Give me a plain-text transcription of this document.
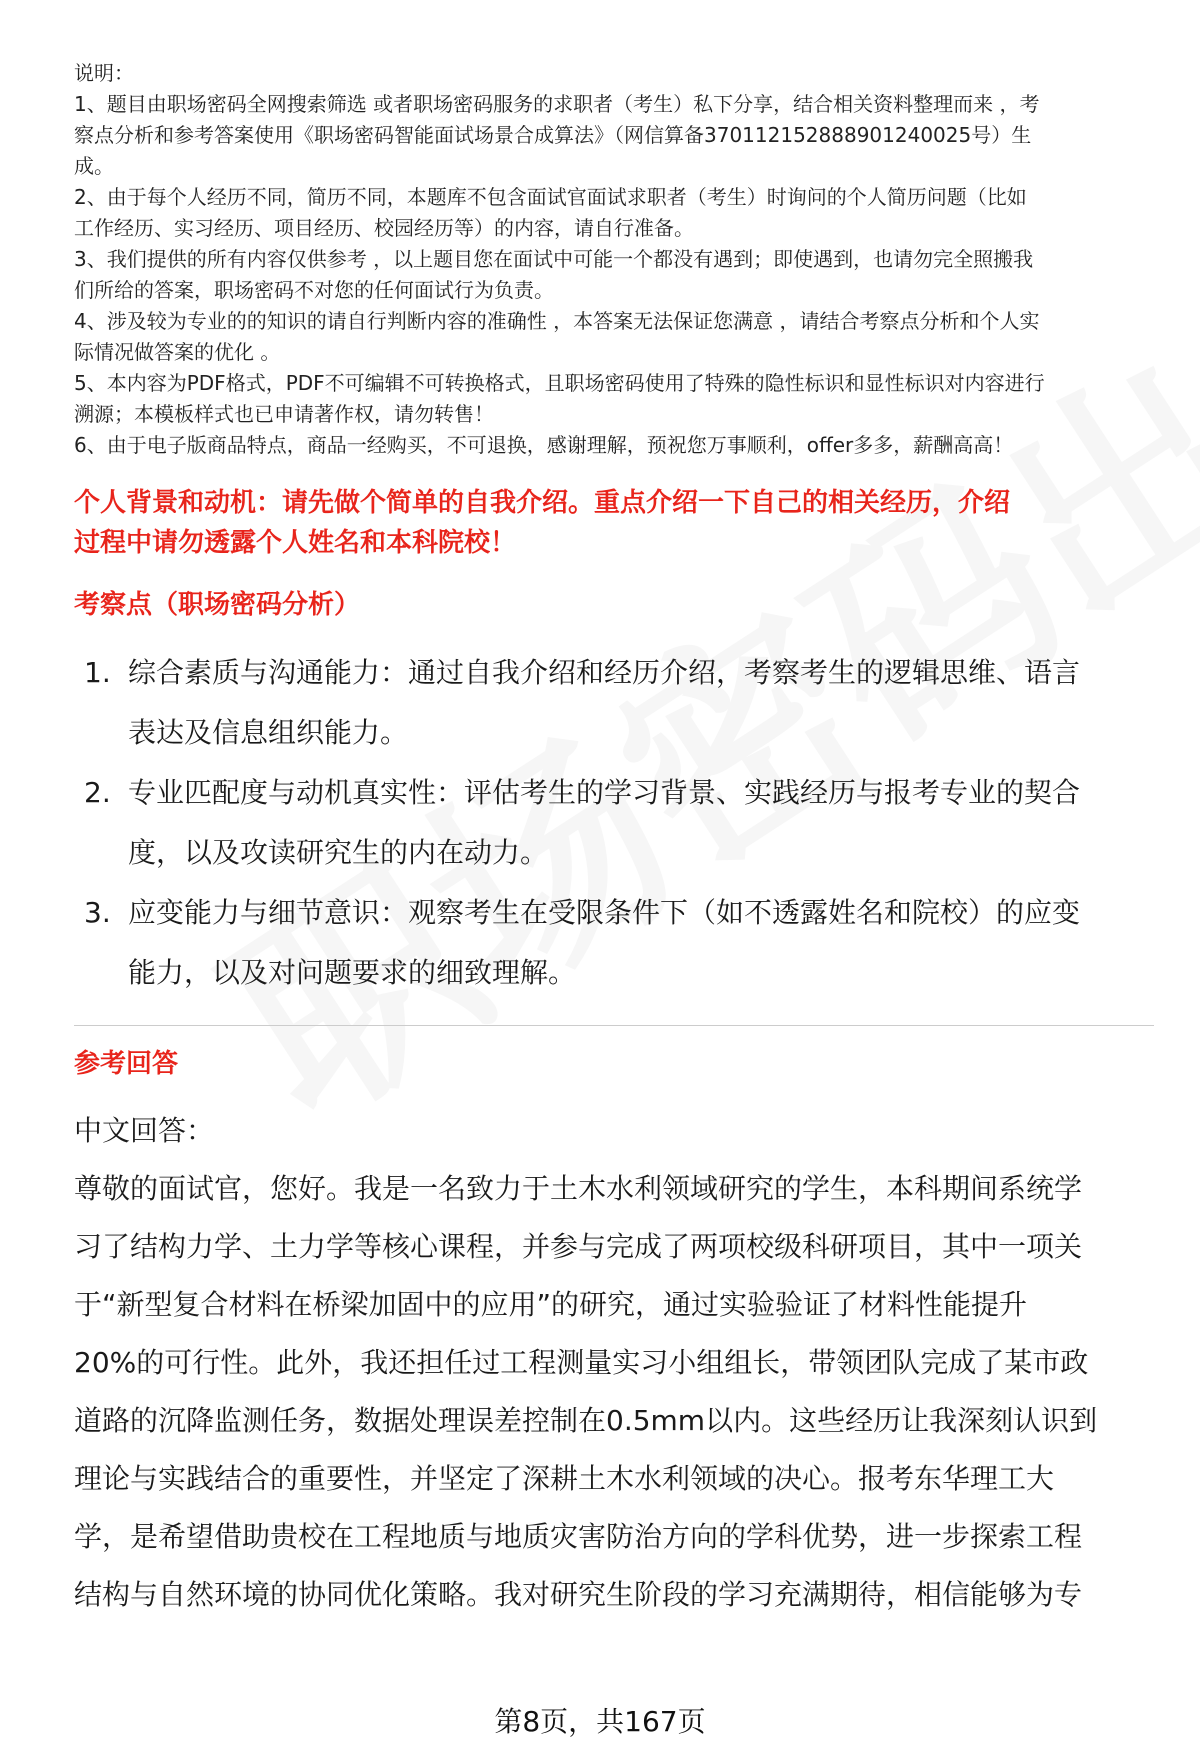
说明：
1、题目由职场密码全网搜索筛选 或者职场密码服务的求职者（考生）私下分享，结合相关资料整理而来 ，考
察点分析和参考答案使用《职场密码智能面试场景合成算法》（网信算备370112152888901240025号）生
成。
2、由于每个人经历不同，简历不同，本题库不包含面试官面试求职者（考生）时询问的个人简历问题（比如
工作经历、实习经历、项目经历、校园经历等）的内容，请自行准备。
3、我们提供的所有内容仅供参考 ，以上题目您在面试中可能一个都没有遇到；即使遇到，也请勿完全照搬我
们所给的答案，职场密码不对您的任何面试行为负责。
4、涉及较为专业的的知识的请自行判断内容的准确性 ，本答案无法保证您满意 ，请结合考察点分析和个人实
际情况做答案的优化 。
5、本内容为PDF格式，PDF不可编辑不可转换格式，且职场密码使用了特殊的隐性标识和显性标识对内容进行
溯源；本模板样式也已申请著作权，请勿转售！
6、由于电子版商品特点，商品一经购买，不可退换，感谢理解，预祝您万事顺利，offer多多，薪酬高高！
个人背景和动机：请先做个简单的自我介绍。重点介绍一下自己的相关经历，介绍
过程中请勿透露个人姓名和本科院校！
考察点（职场密码分析）
1. 综合素质与沟通能力：通过自我介绍和经历介绍，考察考生的逻辑思维、语言
表达及信息组织能力。
2. 专业匹配度与动机真实性：评估考生的学习背景、实践经历与报考专业的契合
度，以及攻读研究生的内在动力。
3. 应变能力与细节意识：观察考生在受限条件下（如不透露姓名和院校）的应变
能力，以及对问题要求的细致理解。
参考回答
中文回答：
尊敬的面试官，您好。我是一名致力于土木水利领域研究的学生，本科期间系统学
习了结构力学、土力学等核心课程，并参与完成了两项校级科研项目，其中一项关
于“新型复合材料在桥梁加固中的应用”的研究，通过实验验证了材料性能提升
20%的可行性。此外，我还担任过工程测量实习小组组长，带领团队完成了某市政
道路的沉降监测任务，数据处理误差控制在0.5mm以内。这些经历让我深刻认识到
理论与实践结合的重要性，并坚定了深耕土木水利领域的决心。报考东华理工大
学，是希望借助贵校在工程地质与地质灾害防治方向的学科优势，进一步探索工程
结构与自然环境的协同优化策略。我对研究生阶段的学习充满期待，相信能够为专
第8页，共167页
